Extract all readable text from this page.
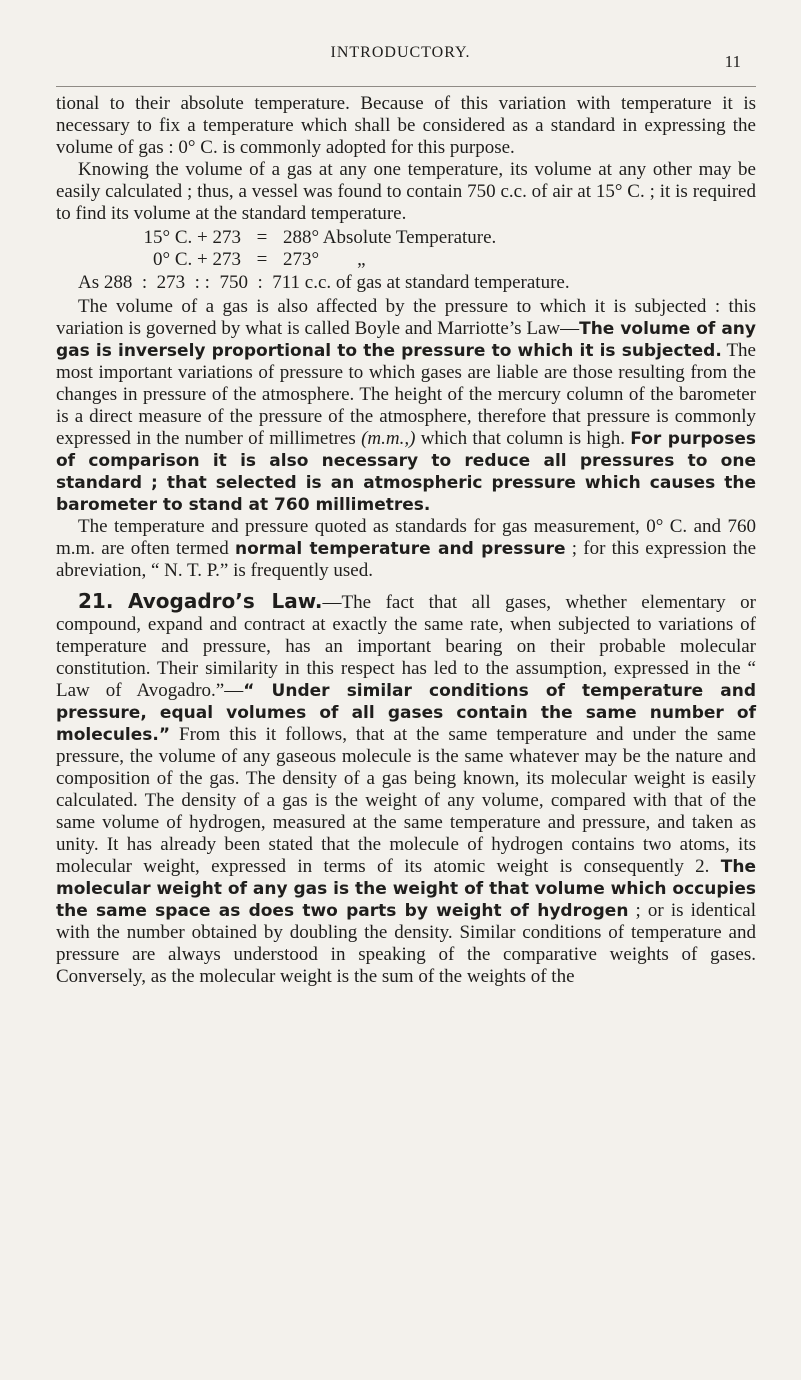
INTRODUCTORY.	11

tional to their absolute temperature. Because of this variation with temperature it is necessary to fix a temperature which shall be considered as a standard in expressing the volume of gas : 0° C. is commonly adopted for this purpose.

Knowing the volume of a gas at any one temperature, its volume at any other may be easily calculated ; thus, a vessel was found to contain 750 c.c. of air at 15° C. ; it is required to find its volume at the standard temperature.

15° C. + 273 = 288° Absolute Temperature.
0° C. + 273 = 273°        „

As 288  :  273  : :  750  :  711 c.c. of gas at standard temperature.

The volume of a gas is also affected by the pressure to which it is subjected : this variation is governed by what is called Boyle and Marriotte’s Law—The volume of any gas is inversely proportional to the pressure to which it is subjected. The most important variations of pressure to which gases are liable are those resulting from the changes in pressure of the atmosphere. The height of the mercury column of the barometer is a direct measure of the pressure of the atmosphere, therefore that pressure is commonly expressed in the number of millimetres (m.m.,) which that column is high. For purposes of comparison it is also necessary to reduce all pressures to one standard ; that selected is an atmospheric pressure which causes the barometer to stand at 760 millimetres.

The temperature and pressure quoted as standards for gas measurement, 0° C. and 760 m.m. are often termed normal temperature and pressure ; for this expression the abreviation, “ N. T. P.” is frequently used.

21. Avogadro’s Law.—The fact that all gases, whether elementary or compound, expand and contract at exactly the same rate, when subjected to variations of temperature and pressure, has an important bearing on their probable molecular constitution. Their similarity in this respect has led to the assumption, expressed in the “ Law of Avogadro.”—“ Under similar conditions of temperature and pressure, equal volumes of all gases contain the same number of molecules.” From this it follows, that at the same temperature and under the same pressure, the volume of any gaseous molecule is the same whatever may be the nature and composition of the gas. The density of a gas being known, its molecular weight is easily calculated. The density of a gas is the weight of any volume, compared with that of the same volume of hydrogen, measured at the same temperature and pressure, and taken as unity. It has already been stated that the molecule of hydrogen contains two atoms, its molecular weight, expressed in terms of its atomic weight is consequently 2. The molecular weight of any gas is the weight of that volume which occupies the same space as does two parts by weight of hydrogen ; or is identical with the number obtained by doubling the density. Similar conditions of temperature and pressure are always understood in speaking of the comparative weights of gases. Conversely, as the molecular weight is the sum of the weights of the
